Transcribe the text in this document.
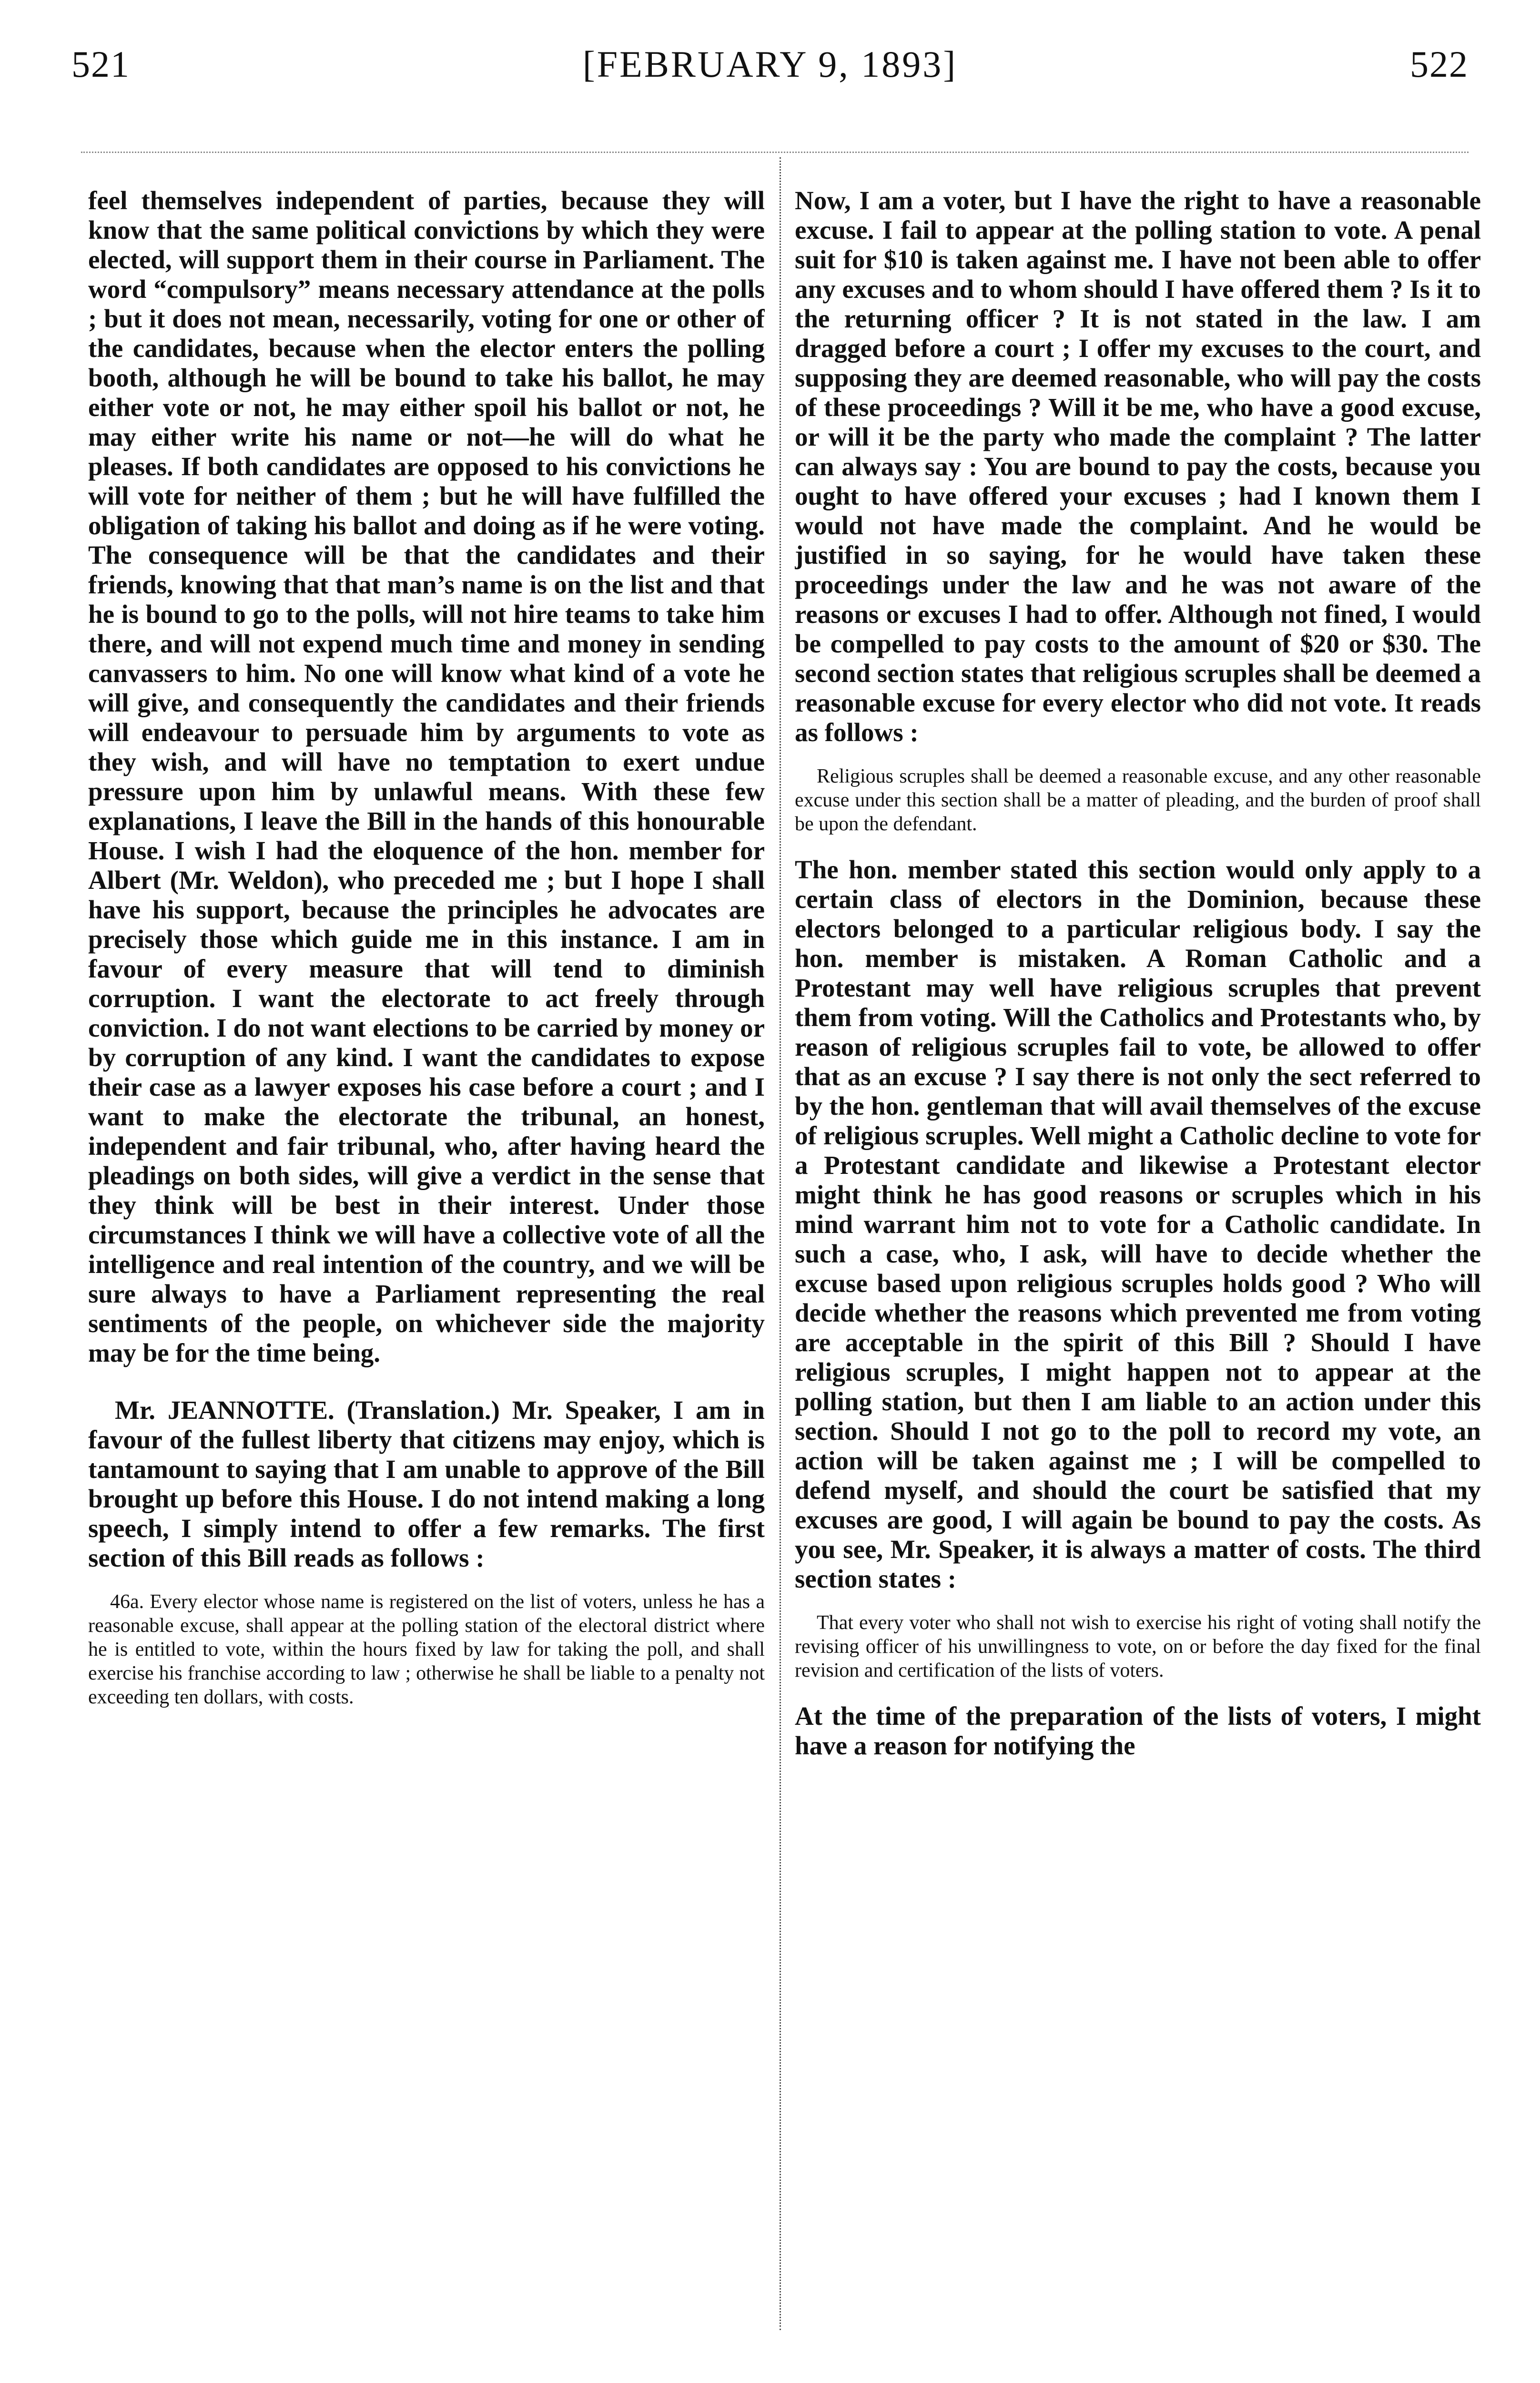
521	[FEBRUARY 9, 1893]	522

feel themselves independent of parties, because they will know that the same political convictions by which they were elected, will support them in their course in Parliament. The word “compulsory” means necessary attendance at the polls ; but it does not mean, necessarily, voting for one or other of the candidates, because when the elector enters the polling booth, although he will be bound to take his ballot, he may either vote or not, he may either spoil his ballot or not, he may either write his name or not—he will do what he pleases. If both candidates are opposed to his convictions he will vote for neither of them ; but he will have fulfilled the obligation of taking his ballot and doing as if he were voting. The consequence will be that the candidates and their friends, knowing that that man’s name is on the list and that he is bound to go to the polls, will not hire teams to take him there, and will not expend much time and money in sending canvassers to him. No one will know what kind of a vote he will give, and consequently the candidates and their friends will endeavour to persuade him by arguments to vote as they wish, and will have no temptation to exert undue pressure upon him by unlawful means. With these few explanations, I leave the Bill in the hands of this honourable House. I wish I had the eloquence of the hon. member for Albert (Mr. Weldon), who preceded me ; but I hope I shall have his support, because the principles he advocates are precisely those which guide me in this instance. I am in favour of every measure that will tend to diminish corruption. I want the electorate to act freely through conviction. I do not want elections to be carried by money or by corruption of any kind. I want the candidates to expose their case as a lawyer exposes his case before a court ; and I want to make the electorate the tribunal, an honest, independent and fair tribunal, who, after having heard the pleadings on both sides, will give a verdict in the sense that they think will be best in their interest. Under those circumstances I think we will have a collective vote of all the intelligence and real intention of the country, and we will be sure always to have a Parliament representing the real sentiments of the people, on whichever side the majority may be for the time being.

Mr. JEANNOTTE. (Translation.) Mr. Speaker, I am in favour of the fullest liberty that citizens may enjoy, which is tantamount to saying that I am unable to approve of the Bill brought up before this House. I do not intend making a long speech, I simply intend to offer a few remarks. The first section of this Bill reads as follows :

46a. Every elector whose name is registered on the list of voters, unless he has a reasonable excuse, shall appear at the polling station of the electoral district where he is entitled to vote, within the hours fixed by law for taking the poll, and shall exercise his franchise according to law ; otherwise he shall be liable to a penalty not exceeding ten dollars, with costs.

Now, I am a voter, but I have the right to have a reasonable excuse. I fail to appear at the polling station to vote. A penal suit for $10 is taken against me. I have not been able to offer any excuses and to whom should I have offered them ? Is it to the returning officer ? It is not stated in the law. I am dragged before a court ; I offer my excuses to the court, and supposing they are deemed reasonable, who will pay the costs of these proceedings ? Will it be me, who have a good excuse, or will it be the party who made the complaint ? The latter can always say : You are bound to pay the costs, because you ought to have offered your excuses ; had I known them I would not have made the complaint. And he would be justified in so saying, for he would have taken these proceedings under the law and he was not aware of the reasons or excuses I had to offer. Although not fined, I would be compelled to pay costs to the amount of $20 or $30. The second section states that religious scruples shall be deemed a reasonable excuse for every elector who did not vote. It reads as follows :

Religious scruples shall be deemed a reasonable excuse, and any other reasonable excuse under this section shall be a matter of pleading, and the burden of proof shall be upon the defendant.

The hon. member stated this section would only apply to a certain class of electors in the Dominion, because these electors belonged to a particular religious body. I say the hon. member is mistaken. A Roman Catholic and a Protestant may well have religious scruples that prevent them from voting. Will the Catholics and Protestants who, by reason of religious scruples fail to vote, be allowed to offer that as an excuse ? I say there is not only the sect referred to by the hon. gentleman that will avail themselves of the excuse of religious scruples. Well might a Catholic decline to vote for a Protestant candidate and likewise a Protestant elector might think he has good reasons or scruples which in his mind warrant him not to vote for a Catholic candidate. In such a case, who, I ask, will have to decide whether the excuse based upon religious scruples holds good ? Who will decide whether the reasons which prevented me from voting are acceptable in the spirit of this Bill ? Should I have religious scruples, I might happen not to appear at the polling station, but then I am liable to an action under this section. Should I not go to the poll to record my vote, an action will be taken against me ; I will be compelled to defend myself, and should the court be satisfied that my excuses are good, I will again be bound to pay the costs. As you see, Mr. Speaker, it is always a matter of costs. The third section states :

That every voter who shall not wish to exercise his right of voting shall notify the revising officer of his unwillingness to vote, on or before the day fixed for the final revision and certification of the lists of voters.

At the time of the preparation of the lists of voters, I might have a reason for notifying the
